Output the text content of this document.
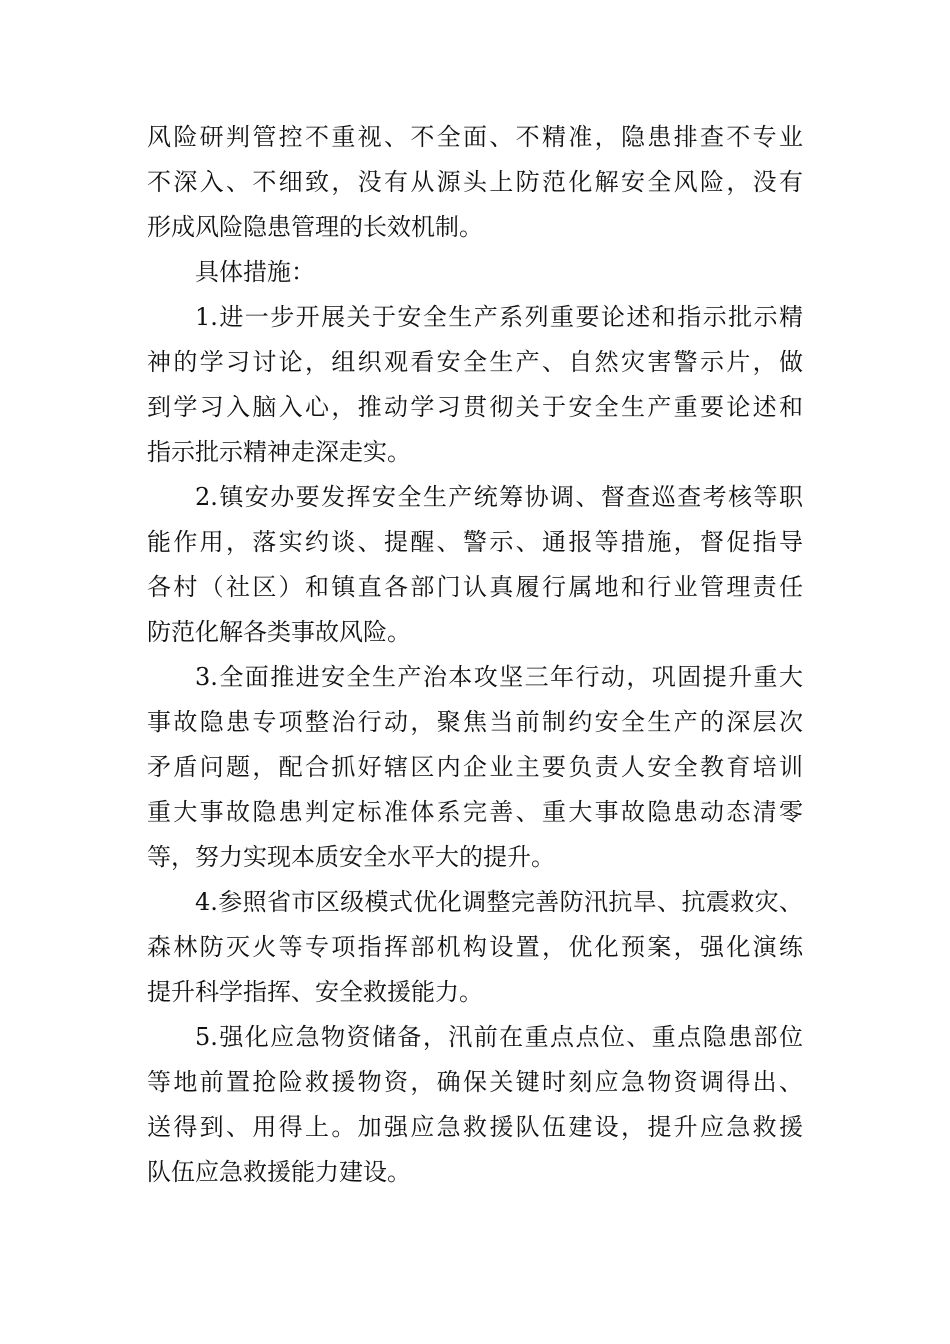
风险研判管控不重视、不全面、不精准，隐患排查不专业
不深入、不细致，没有从源头上防范化解安全风险，没有
形成风险隐患管理的长效机制。
具体措施：
1.进一步开展关于安全生产系列重要论述和指示批示精
神的学习讨论，组织观看安全生产、自然灾害警示片，做
到学习入脑入心，推动学习贯彻关于安全生产重要论述和
指示批示精神走深走实。
2.镇安办要发挥安全生产统筹协调、督查巡查考核等职
能作用，落实约谈、提醒、警示、通报等措施，督促指导
各村（社区）和镇直各部门认真履行属地和行业管理责任
防范化解各类事故风险。
3.全面推进安全生产治本攻坚三年行动，巩固提升重大
事故隐患专项整治行动，聚焦当前制约安全生产的深层次
矛盾问题，配合抓好辖区内企业主要负责人安全教育培训
重大事故隐患判定标准体系完善、重大事故隐患动态清零
等，努力实现本质安全水平大的提升。
4.参照省市区级模式优化调整完善防汛抗旱、抗震救灾、
森林防灭火等专项指挥部机构设置，优化预案，强化演练
提升科学指挥、安全救援能力。
5.强化应急物资储备，汛前在重点点位、重点隐患部位
等地前置抢险救援物资，确保关键时刻应急物资调得出、
送得到、用得上。加强应急救援队伍建设，提升应急救援
队伍应急救援能力建设。
